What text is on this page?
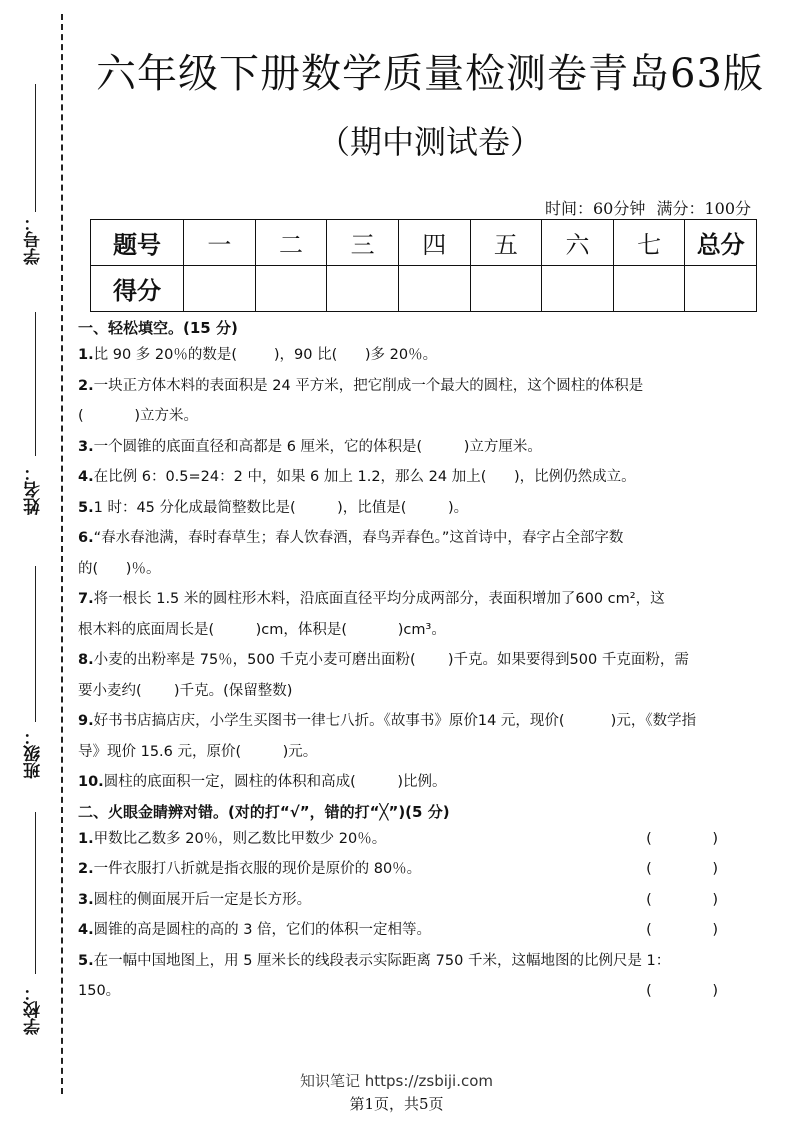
学号：
姓名：
班级：
学校：
六年级下册数学质量检测卷青岛63版
（期中测试卷）
时间：60分钟 满分：100分
题号	一	二	三	四	五	六	七	总分
得分								
一、轻松填空。(15 分)
1.比 90 多 20％的数是(        )，90 比(      )多 20％。
2.一块正方体木料的表面积是 24 平方米，把它削成一个最大的圆柱，这个圆柱的体积是
(           )立方米。
3.一个圆锥的底面直径和高都是 6 厘米，它的体积是(         )立方厘米。
4.在比例 6：0.5=24：2 中，如果 6 加上 1.2，那么 24 加上(      )，比例仍然成立。
5.1 时：45 分化成最简整数比是(         )，比值是(         )。
6.“春水春池满，春时春草生；春人饮春酒，春鸟弄春色。”这首诗中，春字占全部字数
的(      )％。
7.将一根长 1.5 米的圆柱形木料，沿底面直径平均分成两部分，表面积增加了600 cm²，这
根木料的底面周长是(         )cm，体积是(           )cm³。
8.小麦的出粉率是 75％，500 千克小麦可磨出面粉(       )千克。如果要得到500 千克面粉，需
要小麦约(       )千克。(保留整数)
9.好书书店搞店庆，小学生买图书一律七八折。《故事书》原价14 元，现价(          )元，《数学指
导》现价 15.6 元，原价(         )元。
10.圆柱的底面积一定，圆柱的体积和高成(         )比例。
二、火眼金睛辨对错。(对的打“√”，错的打“╳”)(5 分)
1.甲数比乙数多 20％，则乙数比甲数少 20％。	( )
2.一件衣服打八折就是指衣服的现价是原价的 80％。	( )
3.圆柱的侧面展开后一定是长方形。	( )
4.圆锥的高是圆柱的高的 3 倍，它们的体积一定相等。	( )
5.在一幅中国地图上，用 5 厘米长的线段表示实际距离 750 千米，这幅地图的比例尺是 1：
150。	( )
知识笔记 https://zsbiji.com
第1页，共5页
